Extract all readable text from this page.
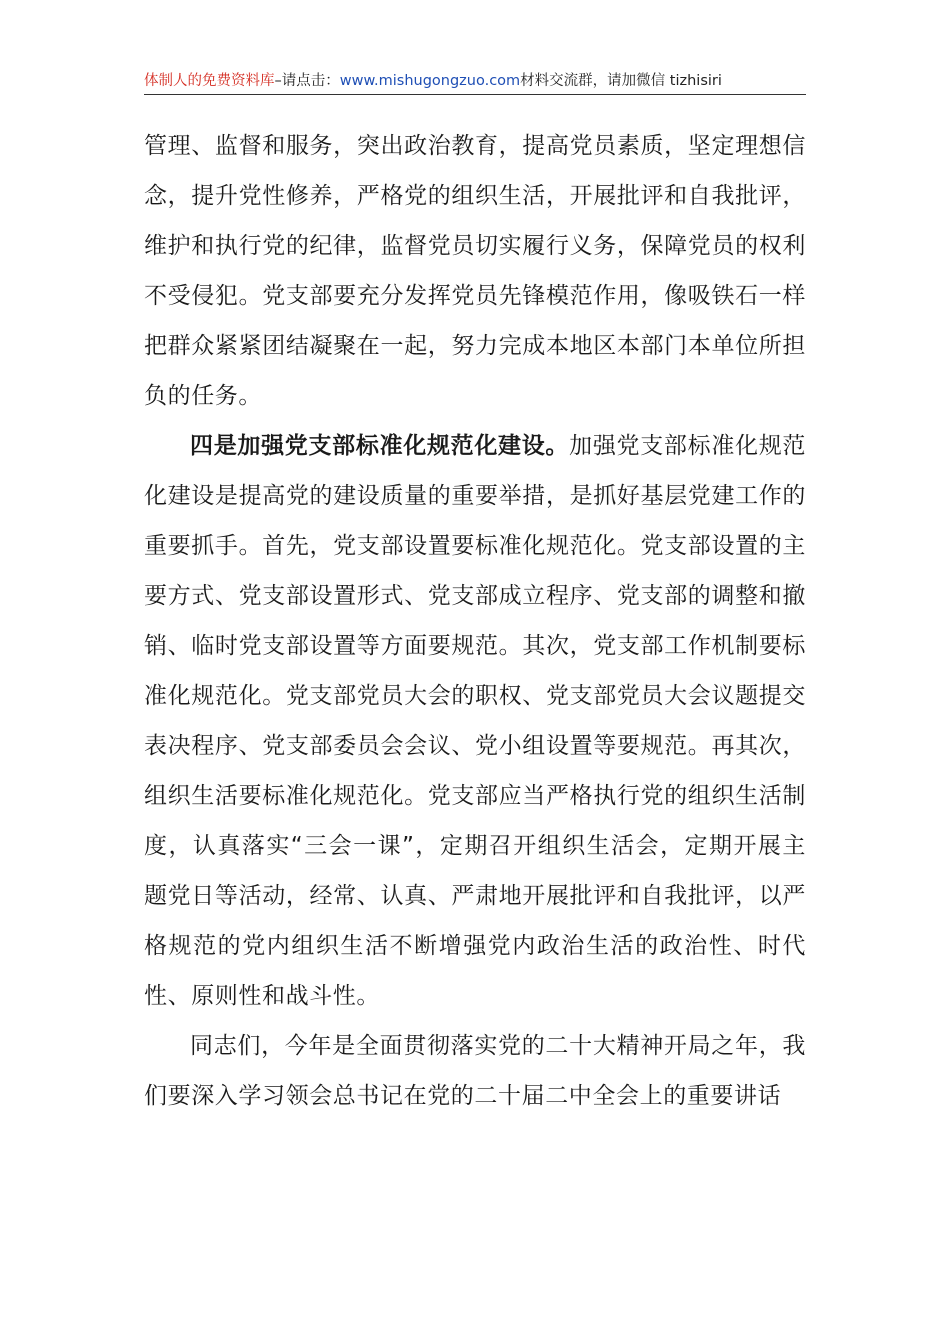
体制人的免费资料库–请点击：www.mishugongzuo.com材料交流群，请加微信 tizhisiri

管理、监督和服务，突出政治教育，提高党员素质，坚定理想信念，提升党性修养，严格党的组织生活，开展批评和自我批评，维护和执行党的纪律，监督党员切实履行义务，保障党员的权利不受侵犯。党支部要充分发挥党员先锋模范作用，像吸铁石一样把群众紧紧团结凝聚在一起，努力完成本地区本部门本单位所担负的任务。

四是加强党支部标准化规范化建设。加强党支部标准化规范化建设是提高党的建设质量的重要举措，是抓好基层党建工作的重要抓手。首先，党支部设置要标准化规范化。党支部设置的主要方式、党支部设置形式、党支部成立程序、党支部的调整和撤销、临时党支部设置等方面要规范。其次，党支部工作机制要标准化规范化。党支部党员大会的职权、党支部党员大会议题提交表决程序、党支部委员会会议、党小组设置等要规范。再其次，组织生活要标准化规范化。党支部应当严格执行党的组织生活制度，认真落实“三会一课”，定期召开组织生活会，定期开展主题党日等活动，经常、认真、严肃地开展批评和自我批评，以严格规范的党内组织生活不断增强党内政治生活的政治性、时代性、原则性和战斗性。

同志们，今年是全面贯彻落实党的二十大精神开局之年，我们要深入学习领会总书记在党的二十届二中全会上的重要讲话
